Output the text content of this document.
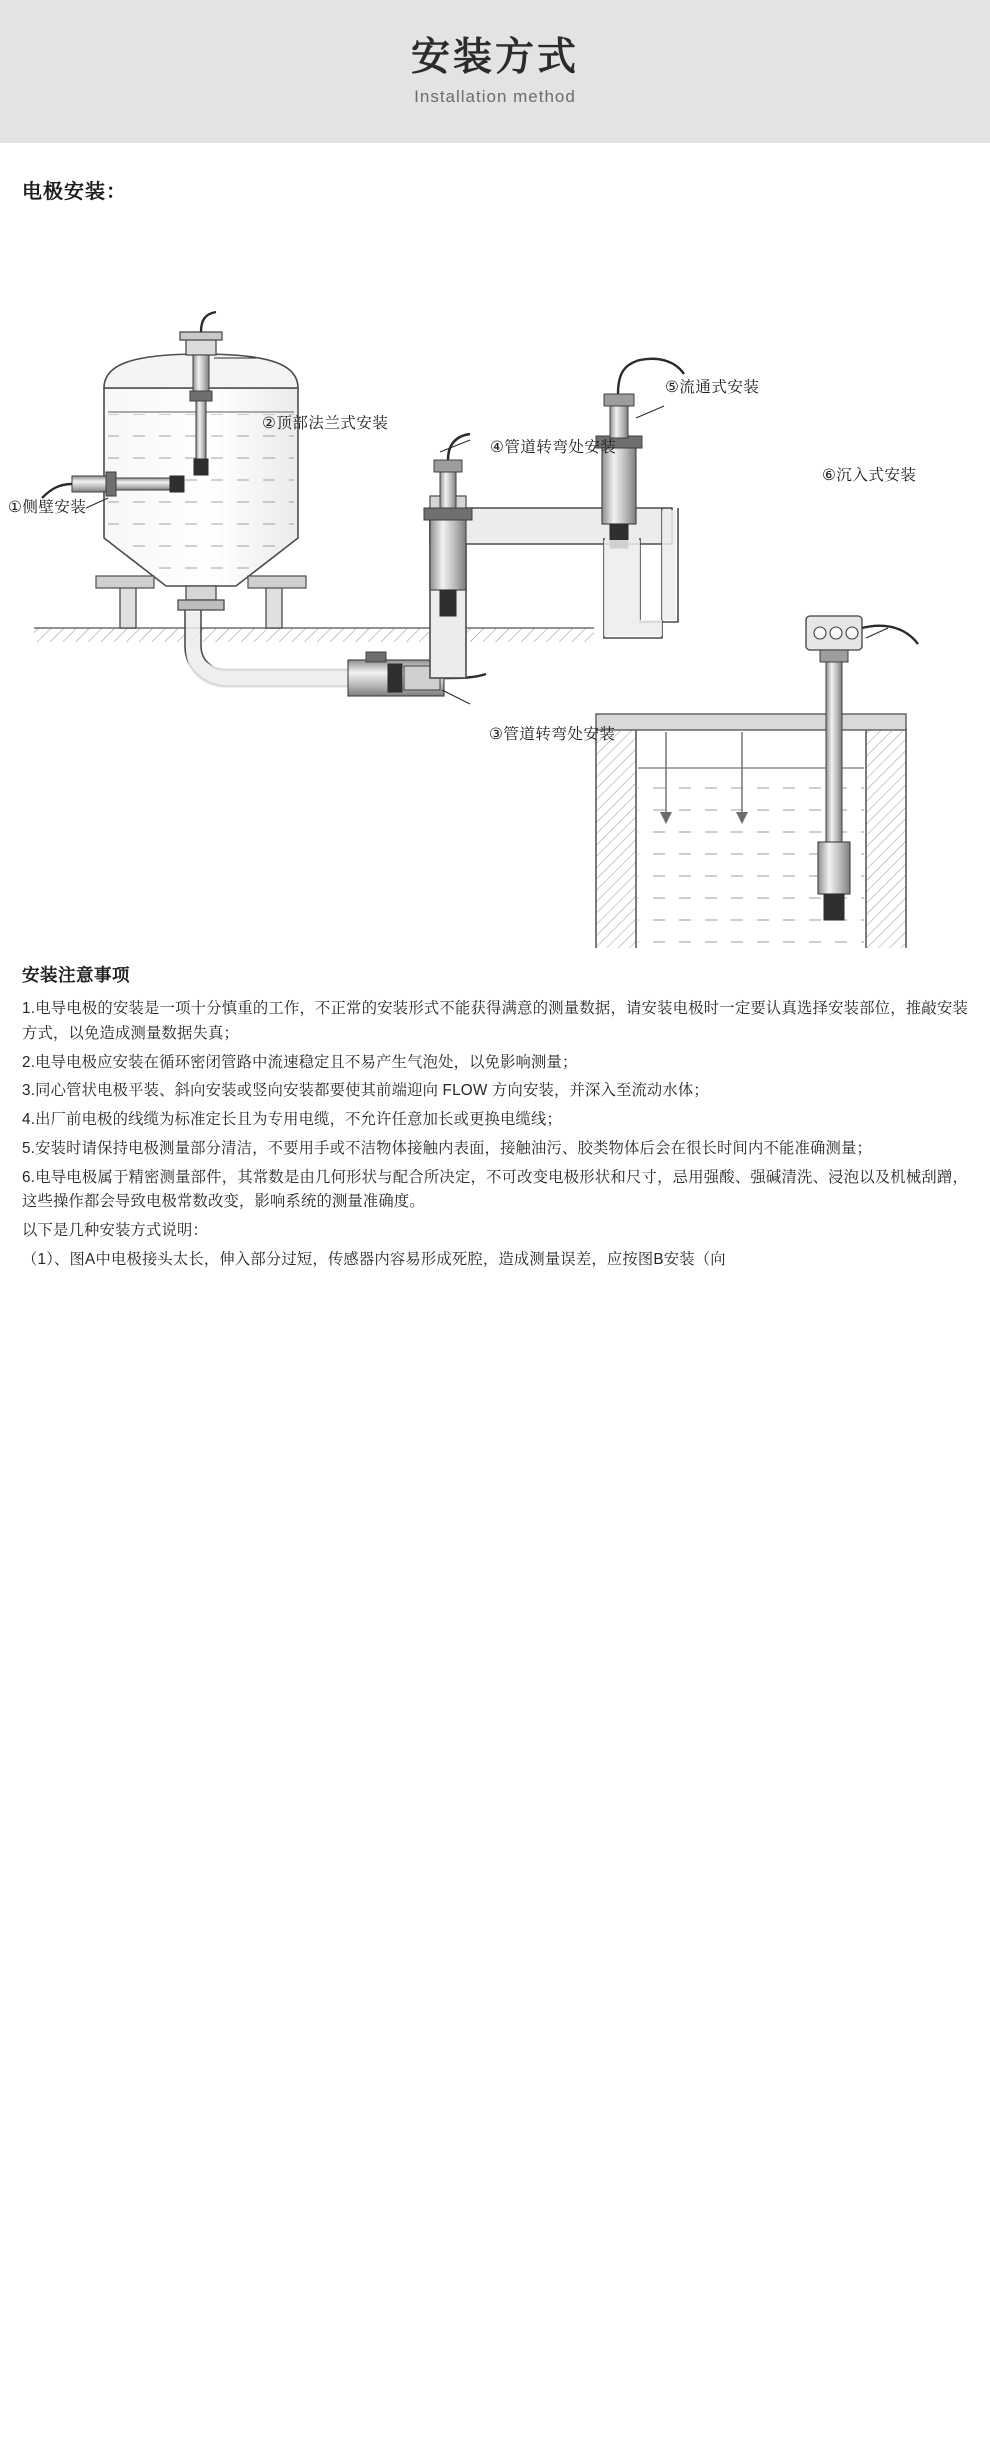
安装方式
Installation method
电极安装：
①侧壁安装
②顶部法兰式安装
③管道转弯处安装
④管道转弯处安装
⑤流通式安装
⑥沉入式安装
安装注意事项

1.电导电极的安装是一项十分慎重的工作，不正常的安装形式不能获得满意的测量数据，请安装电极时一定要认真选择安装部位，推敲安装方式，以免造成测量数据失真；

2.电导电极应安装在循环密闭管路中流速稳定且不易产生气泡处，以免影响测量；

3.同心管状电极平装、斜向安装或竖向安装都要使其前端迎向 FLOW 方向安装，并深入至流动水体；

4.出厂前电极的线缆为标准定长且为专用电缆，不允许任意加长或更换电缆线；

5.安装时请保持电极测量部分清洁，不要用手或不洁物体接触内表面，接触油污、胶类物体后会在很长时间内不能准确测量；

6.电导电极属于精密测量部件，其常数是由几何形状与配合所决定，不可改变电极形状和尺寸，忌用强酸、强碱清洗、浸泡以及机械刮蹭，这些操作都会导致电极常数改变，影响系统的测量准确度。

以下是几种安装方式说明：

（1）、图A中电极接头太长，伸入部分过短，传感器内容易形成死腔，造成测量误差，应按图B安装（向
